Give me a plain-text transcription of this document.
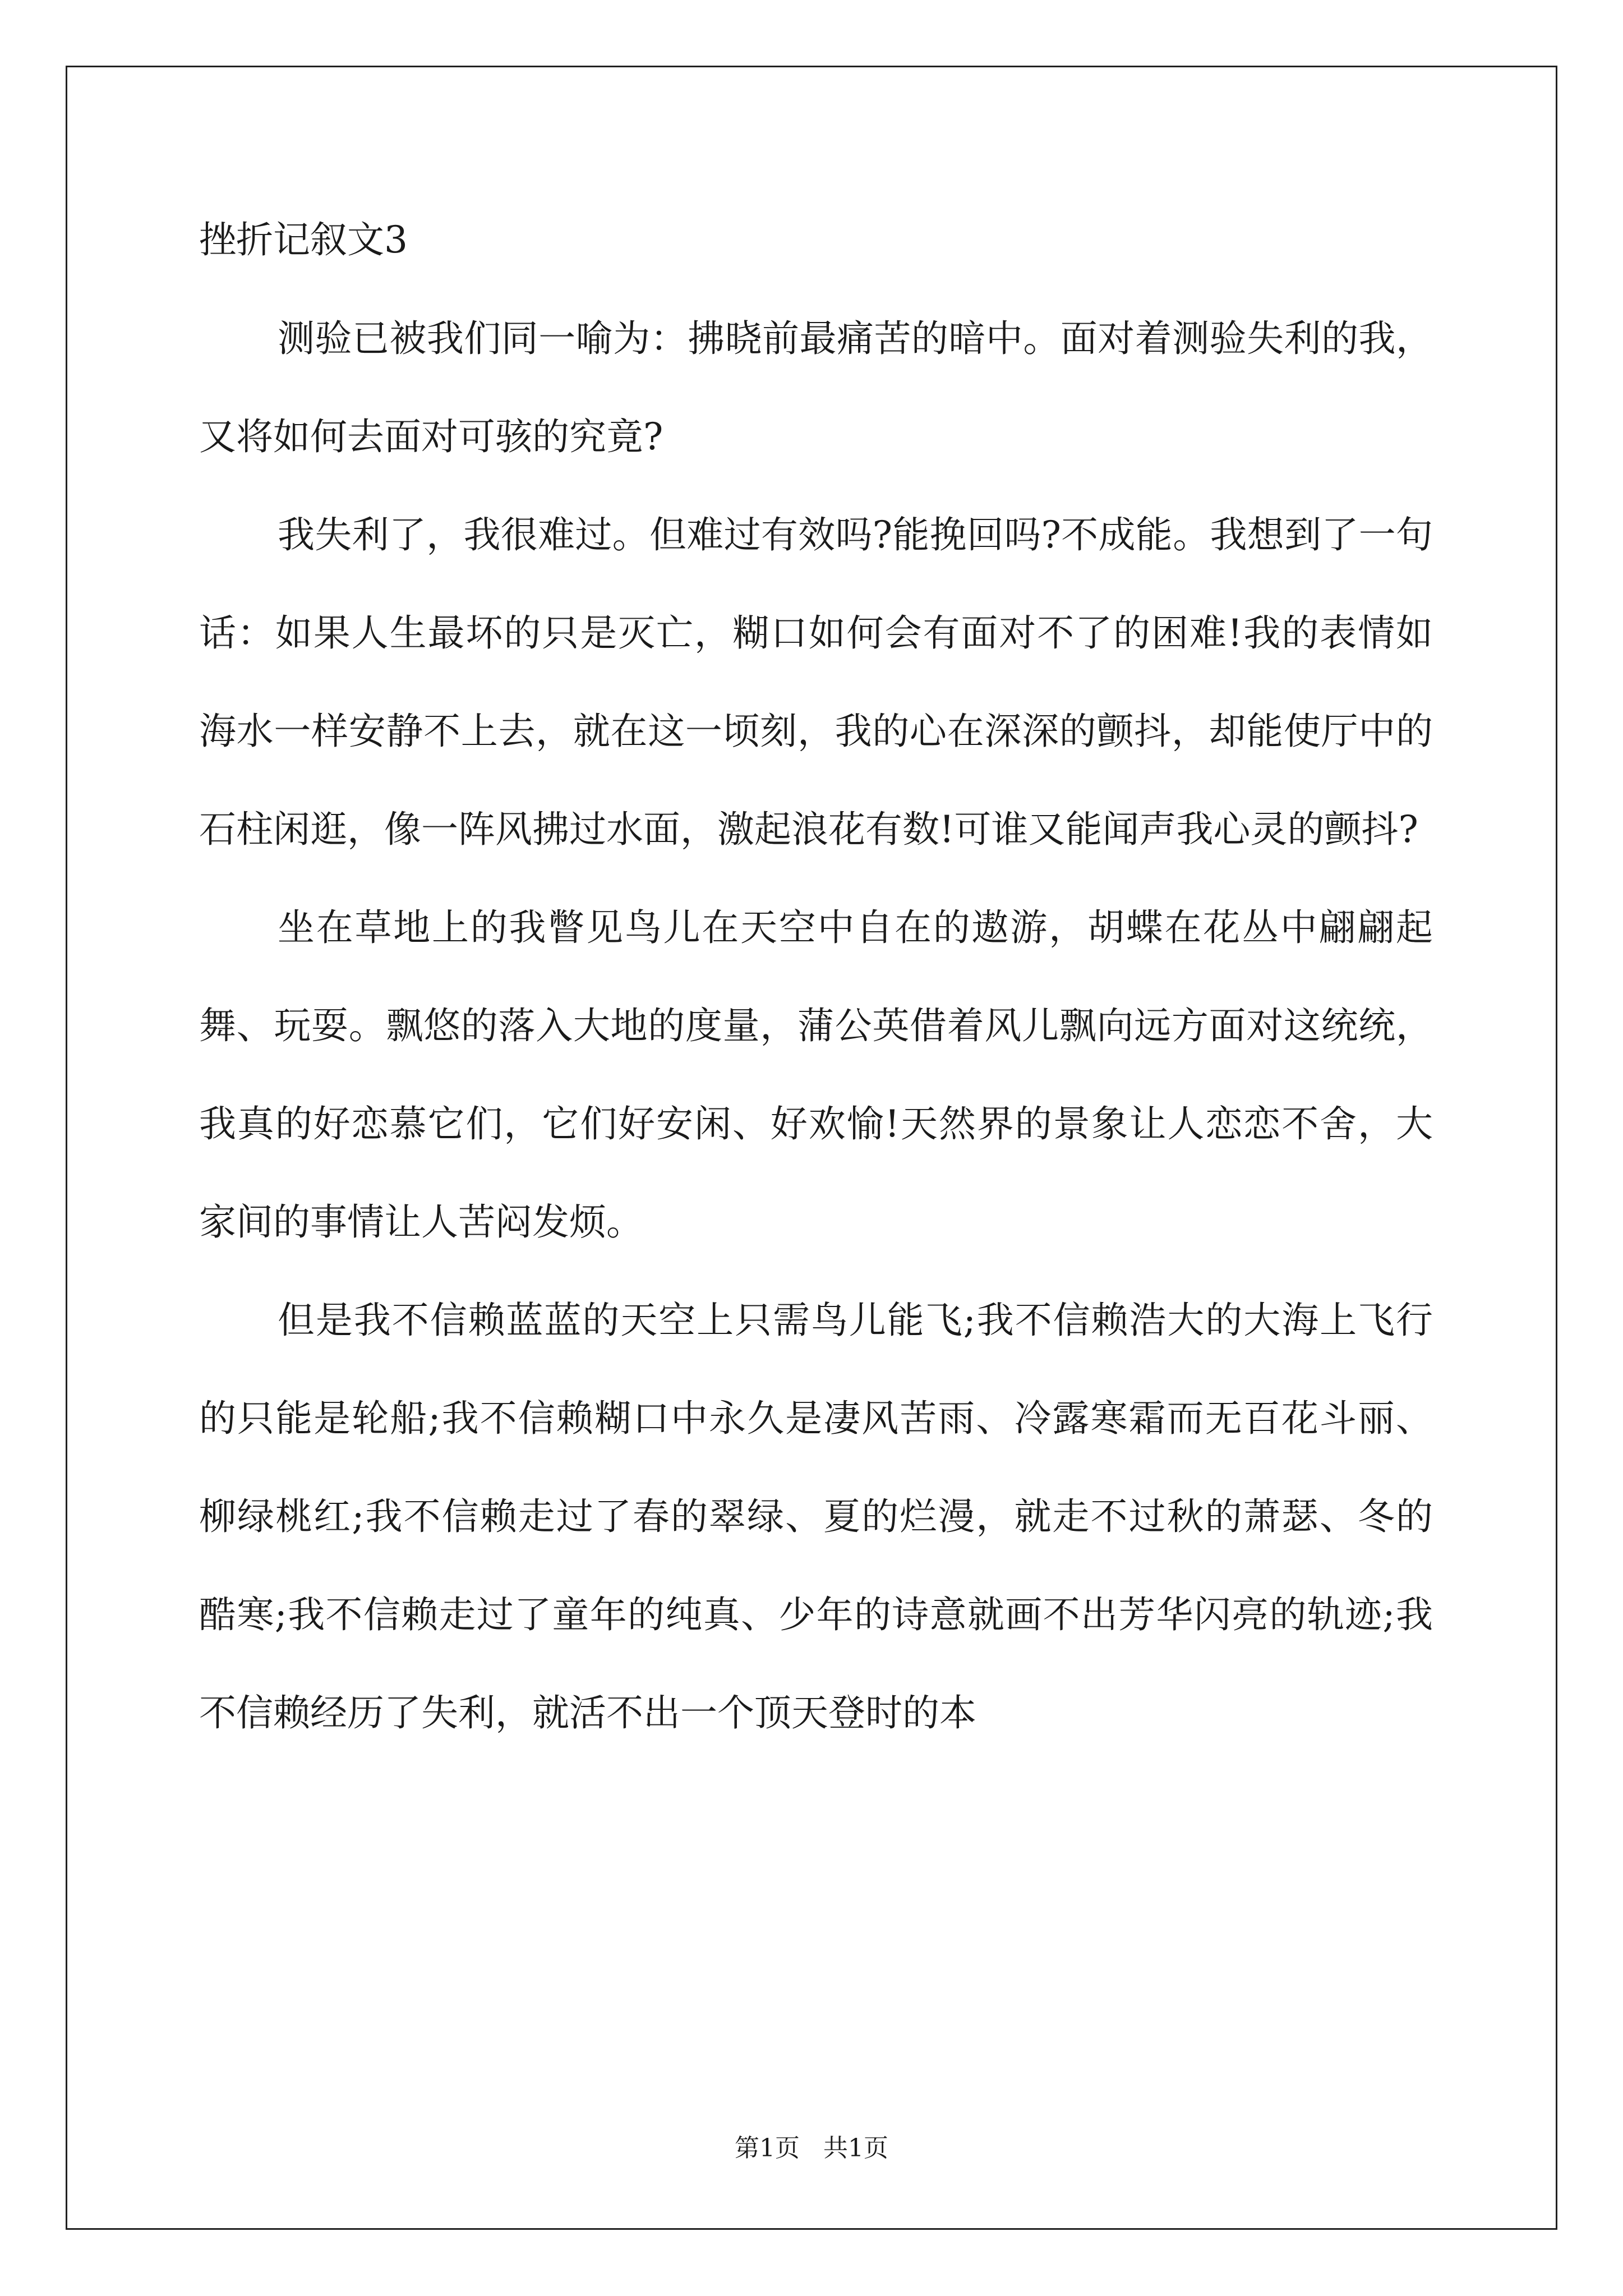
挫折记叙文3

测验已被我们同一喻为：拂晓前最痛苦的暗中。面对着测验失利的我，又将如何去面对可骇的究竟?

我失利了，我很难过。但难过有效吗?能挽回吗?不成能。我想到了一句话：如果人生最坏的只是灭亡，糊口如何会有面对不了的困难!我的表情如海水一样安静不上去，就在这一顷刻，我的心在深深的颤抖，却能使厅中的石柱闲逛，像一阵风拂过水面，激起浪花有数!可谁又能闻声我心灵的颤抖?

坐在草地上的我瞥见鸟儿在天空中自在的遨游，胡蝶在花丛中翩翩起舞、玩耍。飘悠的落入大地的度量，蒲公英借着风儿飘向远方面对这统统，我真的好恋慕它们，它们好安闲、好欢愉!天然界的景象让人恋恋不舍，大家间的事情让人苦闷发烦。

但是我不信赖蓝蓝的天空上只需鸟儿能飞;我不信赖浩大的大海上飞行的只能是轮船;我不信赖糊口中永久是凄风苦雨、冷露寒霜而无百花斗丽、柳绿桃红;我不信赖走过了春的翠绿、夏的烂漫，就走不过秋的萧瑟、冬的酷寒;我不信赖走过了童年的纯真、少年的诗意就画不出芳华闪亮的轨迹;我不信赖经历了失利，就活不出一个顶天登时的本

第1页   共1页
